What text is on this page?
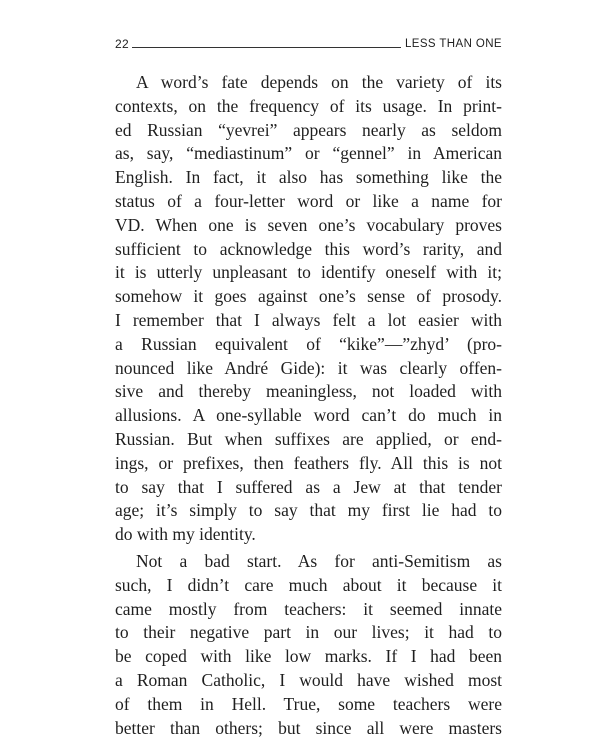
22	LESS THAN ONE
A word’s fate depends on the variety of its
contexts, on the frequency of its usage. In print-
ed Russian “yevrei” appears nearly as seldom
as, say, “mediastinum” or “gennel” in American
English. In fact, it also has something like the
status of a four-letter word or like a name for
VD. When one is seven one’s vocabulary proves
sufficient to acknowledge this word’s rarity, and
it is utterly unpleasant to identify oneself with it;
somehow it goes against one’s sense of prosody.
I remember that I always felt a lot easier with
a Russian equivalent of “kike”—”zhyd’ (pro-
nounced like André Gide): it was clearly offen-
sive and thereby meaningless, not loaded with
allusions. A one-syllable word can’t do much in
Russian. But when suffixes are applied, or end-
ings, or prefixes, then feathers fly. All this is not
to say that I suffered as a Jew at that tender
age; it’s simply to say that my first lie had to
do with my identity.
Not a bad start. As for anti-Semitism as
such, I didn’t care much about it because it
came mostly from teachers: it seemed innate
to their negative part in our lives; it had to
be coped with like low marks. If I had been
a Roman Catholic, I would have wished most
of them in Hell. True, some teachers were
better than others; but since all were masters
